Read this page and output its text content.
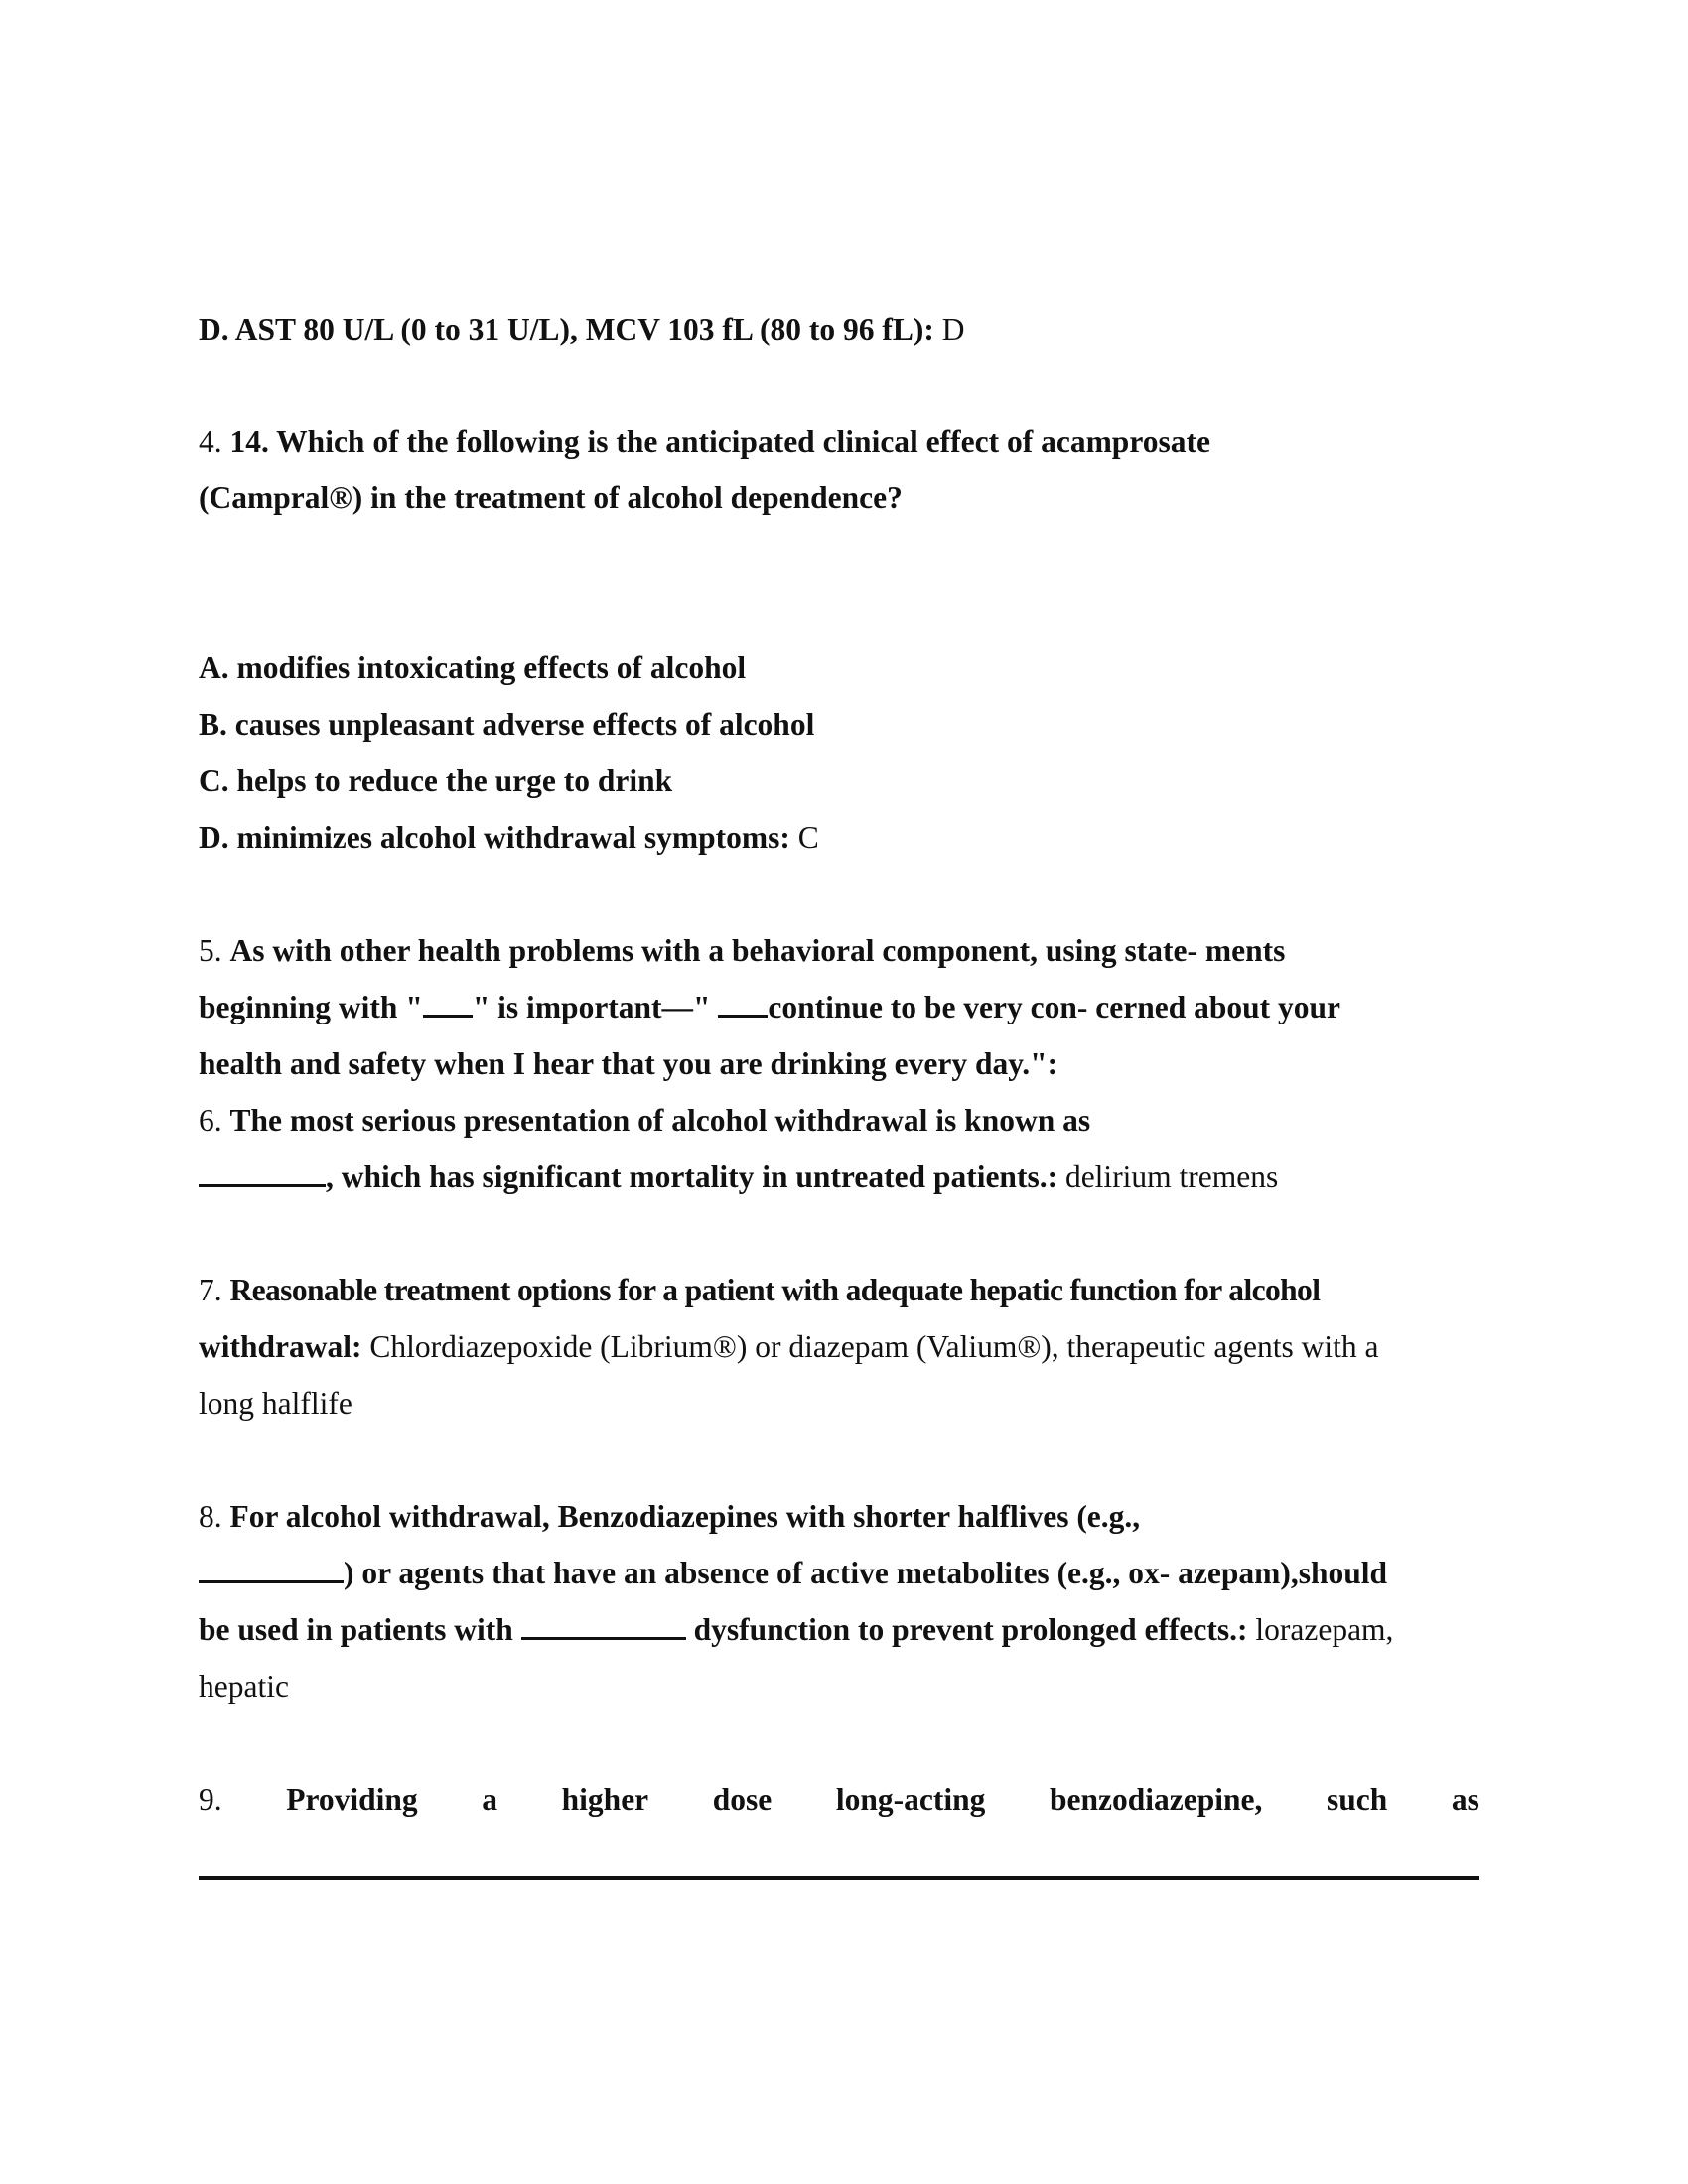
D. AST 80 U/L (0 to 31 U/L), MCV 103 fL (80 to 96 fL): D
4. 14. Which of the following is the anticipated clinical effect of acamprosate
(Campral®) in the treatment of alcohol dependence?
A. modifies intoxicating effects of alcohol
B. causes unpleasant adverse effects of alcohol
C. helps to reduce the urge to drink
D. minimizes alcohol withdrawal symptoms: C
5. As with other health problems with a behavioral component, using state- ments
beginning with " " is important—" continue to be very con- cerned about your
health and safety when I hear that you are drinking every day.":
6. The most serious presentation of alcohol withdrawal is known as
, which has significant mortality in untreated patients.: delirium tremens
7. Reasonable treatment options for a patient with adequate hepatic function for alcohol
withdrawal: Chlordiazepoxide (Librium®) or diazepam (Valium®), therapeutic agents with a
long halflife
8. For alcohol withdrawal, Benzodiazepines with shorter halflives (e.g.,
) or agents that have an absence of active metabolites (e.g., ox- azepam),should
be used in patients with	dysfunction to prevent prolonged effects.: lorazepam,
hepatic
9. Providing a higher dose long-acting benzodiazepine, such as
